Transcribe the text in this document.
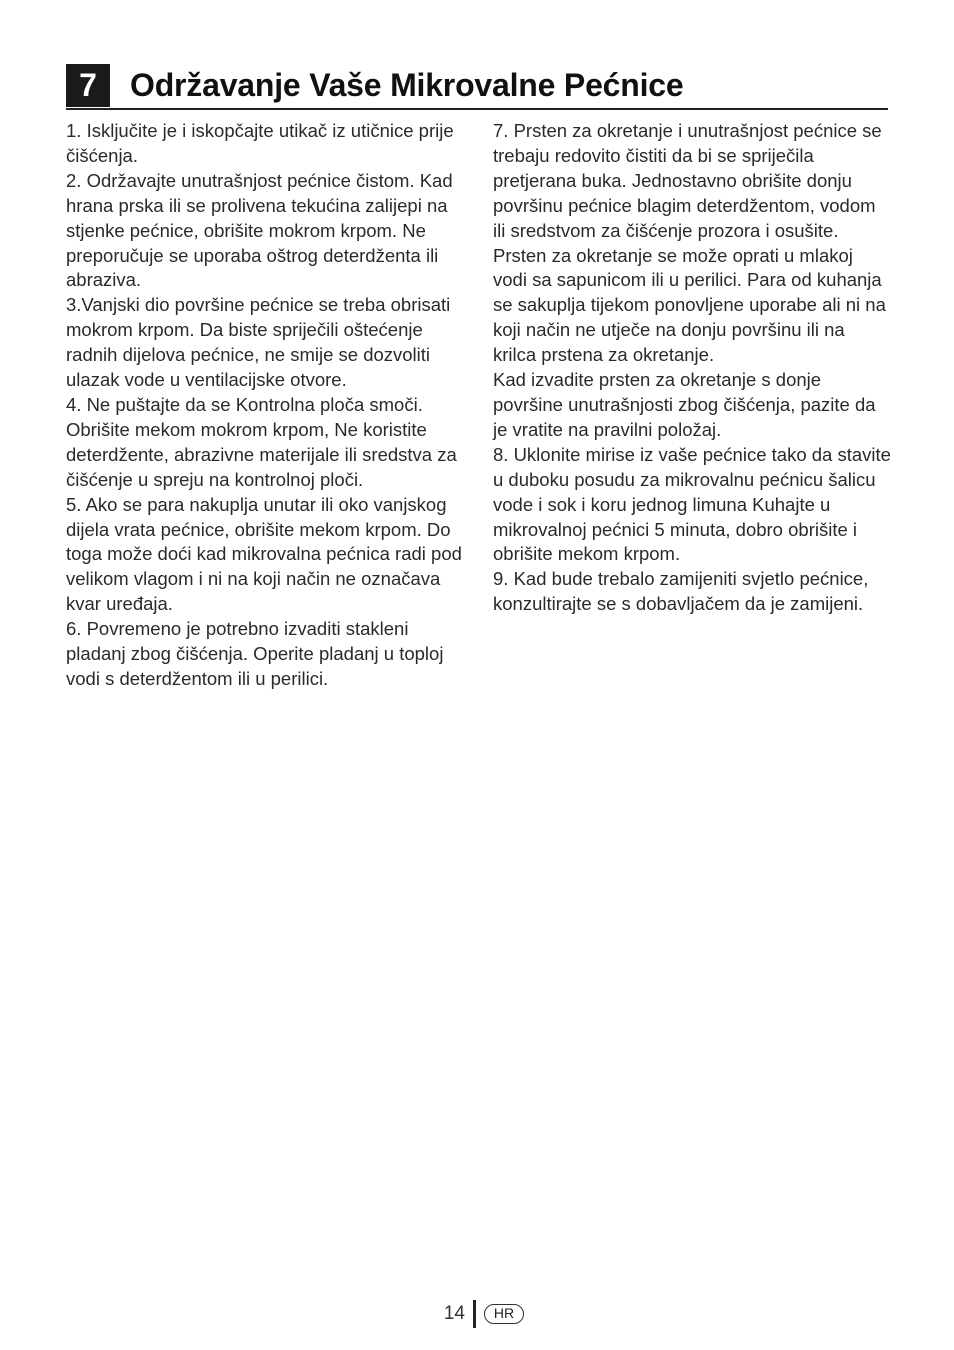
7	Održavanje Vaše Mikrovalne Pećnice

1. Isključite je i iskopčajte utikač iz utičnice prije čišćenja.

2. Održavajte unutrašnjost pećnice čistom. Kad hrana prska ili se prolivena tekućina zalijepi na stjenke pećnice, obrišite mokrom krpom. Ne preporučuje se uporaba oštrog deterdženta ili abraziva.

3.Vanjski dio površine pećnice se treba obrisati mokrom krpom. Da biste spriječili oštećenje radnih dijelova pećnice, ne smije se dozvoliti ulazak vode u ventilacijske otvore.

4. Ne puštajte da se Kontrolna ploča smoči. Obrišite mekom mokrom krpom, Ne koristite deterdžente, abrazivne materijale ili sredstva za čišćenje u spreju na kontrolnoj ploči.

5. Ako se para nakuplja unutar ili oko vanjskog dijela vrata pećnice, obrišite mekom krpom. Do toga može doći kad mikrovalna pećnica radi pod velikom vlagom i ni na koji način ne označava kvar uređaja.

6. Povremeno je potrebno izvaditi stakleni pladanj zbog čišćenja. Operite pladanj u toploj vodi s deterdžentom ili u perilici.

7. Prsten za okretanje i unutrašnjost pećnice se trebaju redovito čistiti da bi se spriječila pretjerana buka. Jednostavno obrišite donju površinu pećnice blagim deterdžentom, vodom ili sredstvom za čišćenje prozora i osušite. Prsten za okretanje se može oprati u mlakoj vodi sa sapunicom ili u perilici. Para od kuhanja se sakuplja tijekom ponovljene uporabe ali ni na koji način ne utječe na donju površinu ili na krilca prstena za okretanje.

Kad izvadite prsten za okretanje s donje površine unutrašnjosti zbog čišćenja, pazite da je vratite na pravilni položaj.

8. Uklonite mirise iz vaše pećnice tako da stavite u duboku posudu za mikrovalnu pećnicu šalicu vode i sok i koru jednog limuna Kuhajte u mikrovalnoj pećnici 5 minuta, dobro obrišite i obrišite mekom krpom.

9. Kad bude trebalo zamijeniti svjetlo pećnice, konzultirajte se s dobavljačem da je zamijeni.

14	HR
